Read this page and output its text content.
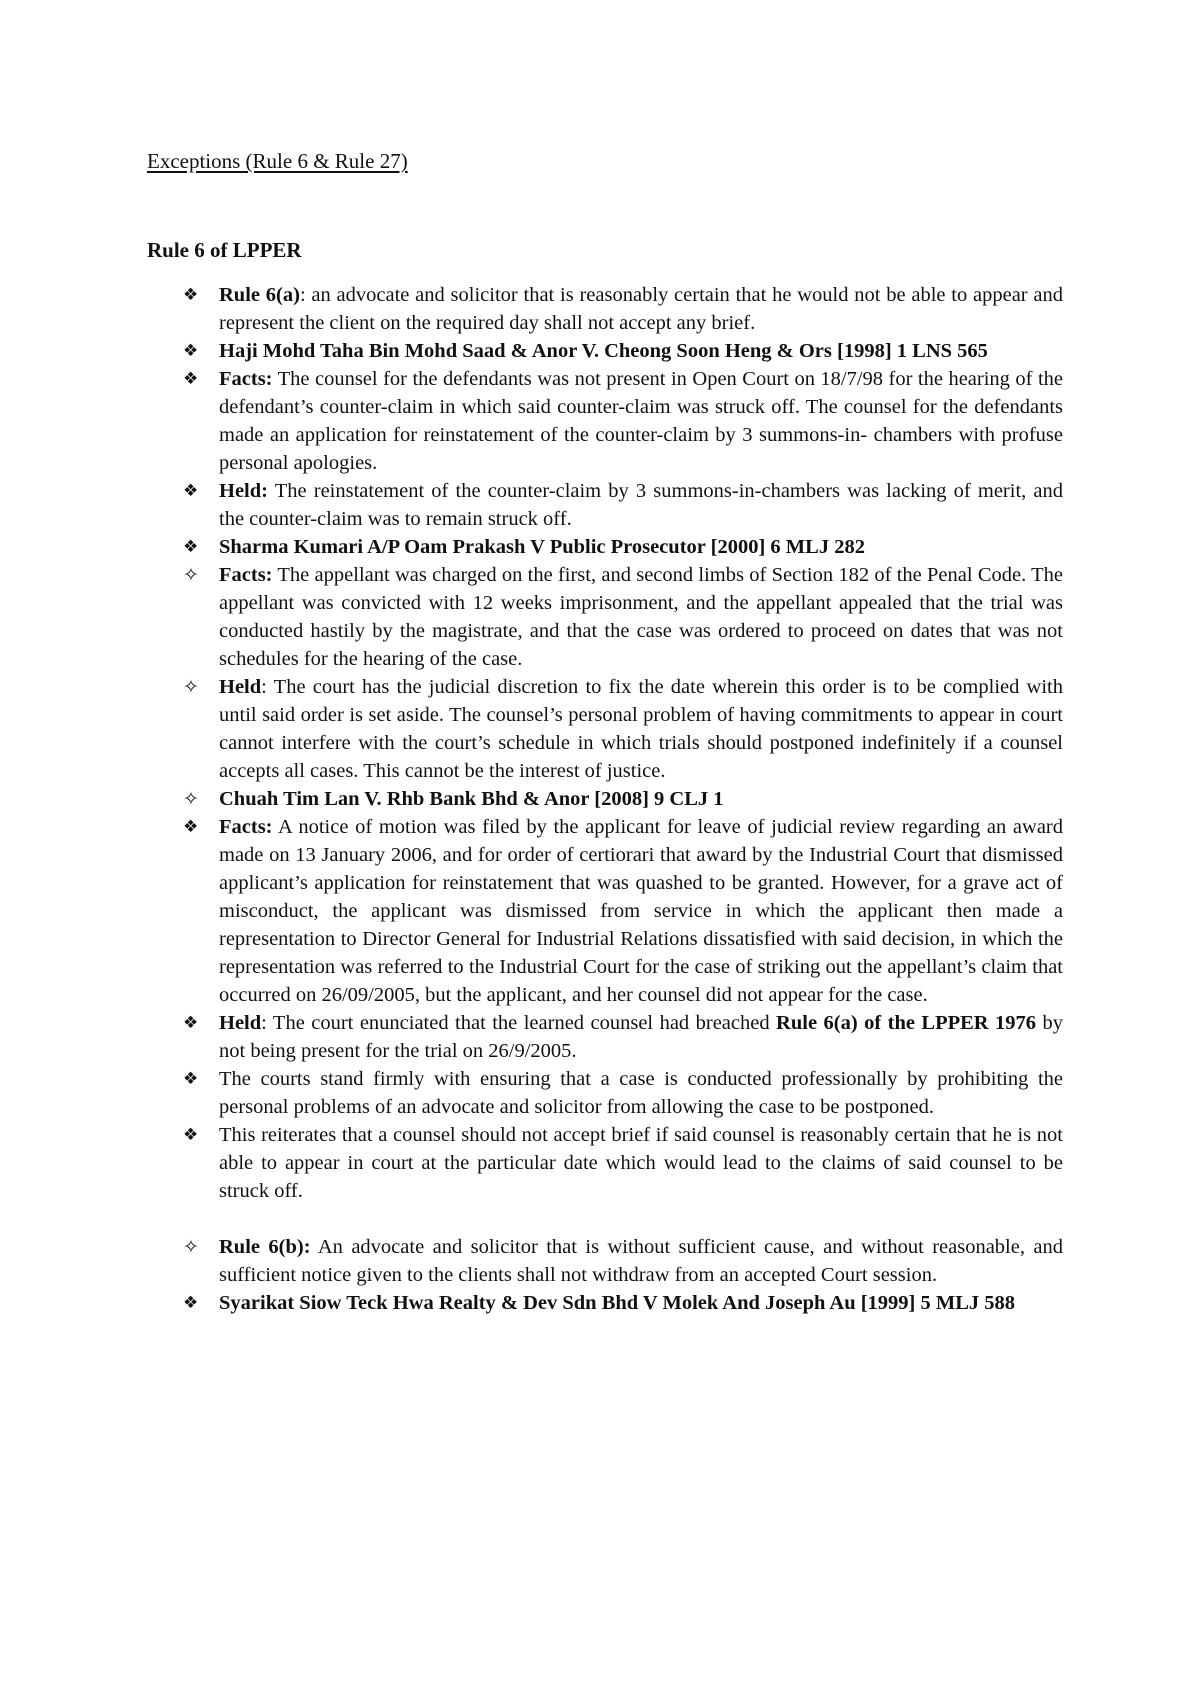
Exceptions (Rule 6 & Rule 27)
Rule 6 of LPPER
❖
Rule 6(a): an advocate and solicitor that is reasonably certain that he would not be able to appear and represent the client on the required day shall not accept any brief.
❖
Haji Mohd Taha Bin Mohd Saad & Anor V. Cheong Soon Heng & Ors [1998] 1 LNS 565
❖
Facts: The counsel for the defendants was not present in Open Court on 18/7/98 for the hearing of the defendant’s counter-claim in which said counter-claim was struck off. The counsel for the defendants made an application for reinstatement of the counter-claim by 3 summons-in- chambers with profuse personal apologies.
❖
Held: The reinstatement of the counter-claim by 3 summons-in-chambers was lacking of merit, and the counter-claim was to remain struck off.
❖
Sharma Kumari A/P Oam Prakash V Public Prosecutor [2000] 6 MLJ 282
✧
Facts: The appellant was charged on the first, and second limbs of Section 182 of the Penal Code. The appellant was convicted with 12 weeks imprisonment, and the appellant appealed that the trial was conducted hastily by the magistrate, and that the case was ordered to proceed on dates that was not schedules for the hearing of the case.
✧
Held: The court has the judicial discretion to fix the date wherein this order is to be complied with until said order is set aside. The counsel’s personal problem of having commitments to appear in court cannot interfere with the court’s schedule in which trials should postponed indefinitely if a counsel accepts all cases. This cannot be the interest of justice.
✧
Chuah Tim Lan V. Rhb Bank Bhd & Anor [2008] 9 CLJ 1
❖
Facts: A notice of motion was filed by the applicant for leave of judicial review regarding an award made on 13 January 2006, and for order of certiorari that award by the Industrial Court that dismissed applicant’s application for reinstatement that was quashed to be granted. However, for a grave act of misconduct, the applicant was dismissed from service in which the applicant then made a representation to Director General for Industrial Relations dissatisfied with said decision, in which the representation was referred to the Industrial Court for the case of striking out the appellant’s claim that occurred on 26/09/2005, but the applicant, and her counsel did not appear for the case.
❖
Held: The court enunciated that the learned counsel had breached Rule 6(a) of the LPPER 1976 by not being present for the trial on 26/9/2005.
❖
The courts stand firmly with ensuring that a case is conducted professionally by prohibiting the personal problems of an advocate and solicitor from allowing the case to be postponed.
❖
This reiterates that a counsel should not accept brief if said counsel is reasonably certain that he is not able to appear in court at the particular date which would lead to the claims of said counsel to be struck off.
✧
Rule 6(b): An advocate and solicitor that is without sufficient cause, and without reasonable, and sufficient notice given to the clients shall not withdraw from an accepted Court session.
❖
Syarikat Siow Teck Hwa Realty & Dev Sdn Bhd V Molek And Joseph Au [1999] 5 MLJ 588
